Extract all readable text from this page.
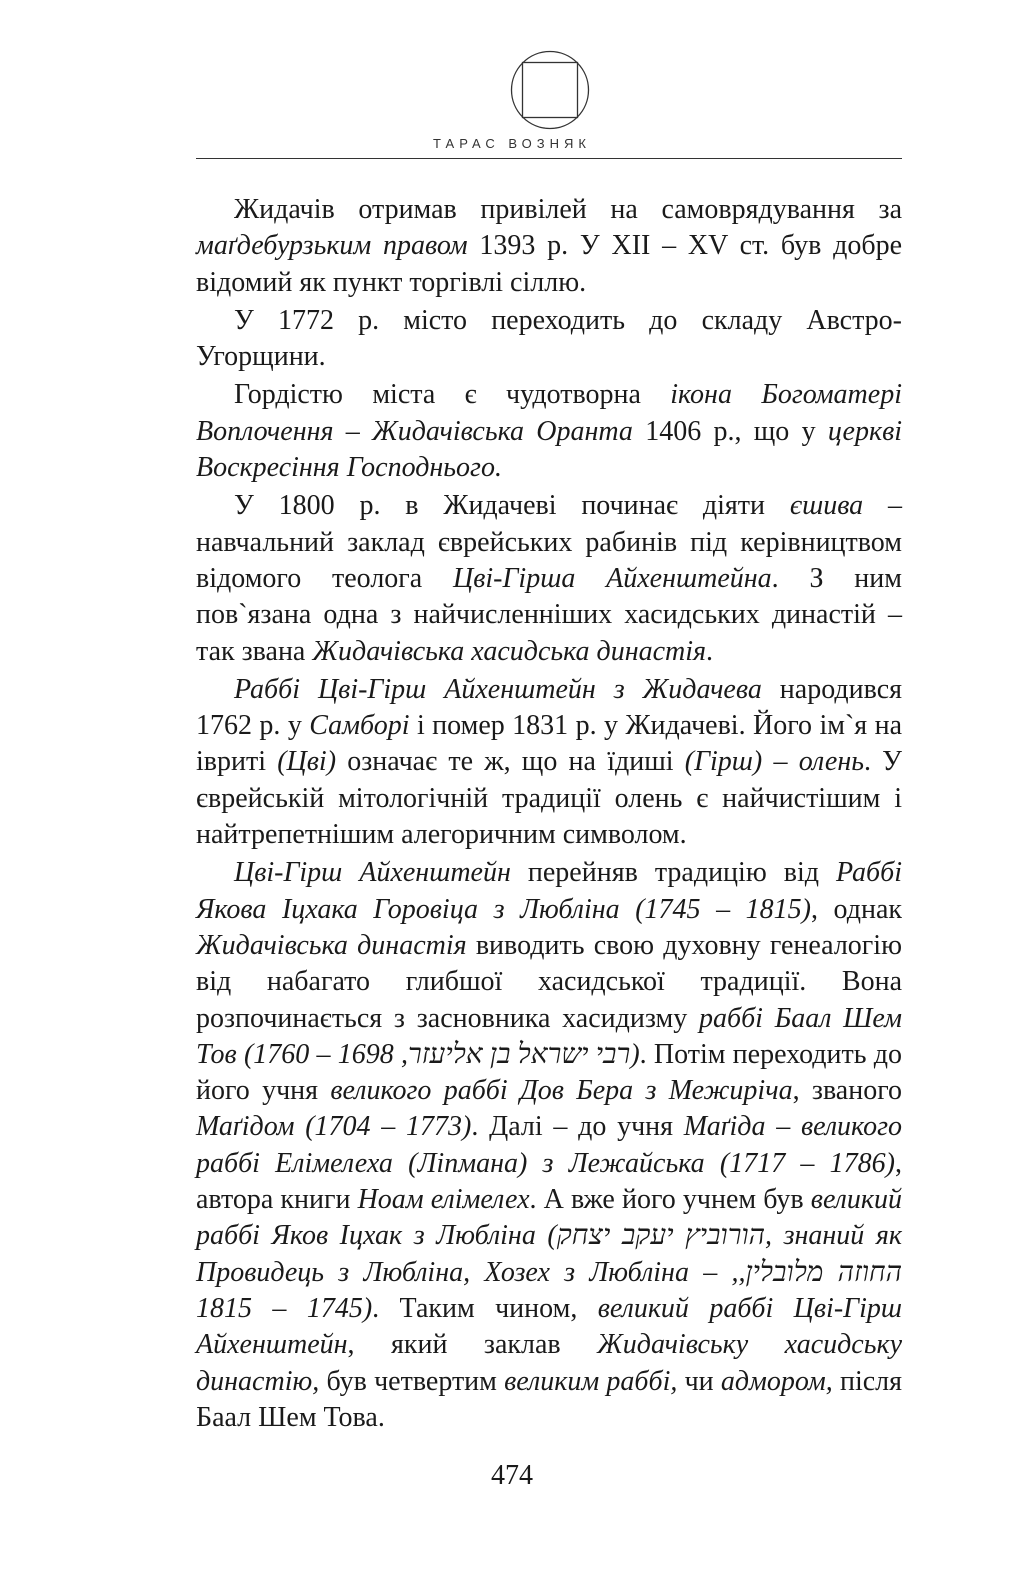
ТАРАС ВОЗНЯК

Жидачів отримав привілей на самоврядування за маґдебурзьким правом 1393 р. У XII – XV ст. був добре відомий як пункт торгівлі сіллю.

У 1772 р. місто переходить до складу Австро-Угорщини.

Гордістю міста є чудотворна ікона Богоматері Воплочення – Жидачівська Оранта 1406 р., що у церкві Воскресіння Господнього.

У 1800 р. в Жидачеві починає діяти єшива – навчальний заклад єврейських рабинів під керівництвом відомого теолога Цві-Гірша Айхенштейна. З ним пов`язана одна з найчисленніших хасидських династій – так звана Жидачівська хасидська династія.

Раббі Цві-Гірш Айхенштейн з Жидачева народився 1762 р. у Самборі і помер 1831 р. у Жидачеві. Його ім`я на івриті (Цві) означає те ж, що на їдиші (Гірш) – олень. У єврейській мітологічній традиції олень є найчистішим і найтрепетнішим алегоричним символом.

Цві-Гірш Айхенштейн перейняв традицію від Раббі Якова Іцхака Горовіца з Любліна (1745 – 1815), однак Жидачівська династія виводить свою духовну генеалогію від набагато глибшої хасидської традиції. Вона розпочинається з засновника хасидизму раббі Баал Шем Тов (רבי ישראל בן אליעזר, 1698 – 1760). Потім переходить до його учня великого раббі Дов Бера з Межиріча, званого Маґідом (1704 – 1773). Далі – до учня Маґіда – великого раббі Елімелеха (Ліпмана) з Лежайська (1717 – 1786), автора книги Ноам елімелех. А вже його учнем був великий раббі Яков Іцхак з Любліна (הורוביץ יעקב יצחק, знаний як Провидець з Любліна, Хозех з Любліна – החוזה מלובלין,, 1745 – 1815). Таким чином, великий раббі Цві-Гірш Айхенштейн, який заклав Жидачівську хасидську династію, був четвертим великим раббі, чи адмором, після Баал Шем Това.

474
